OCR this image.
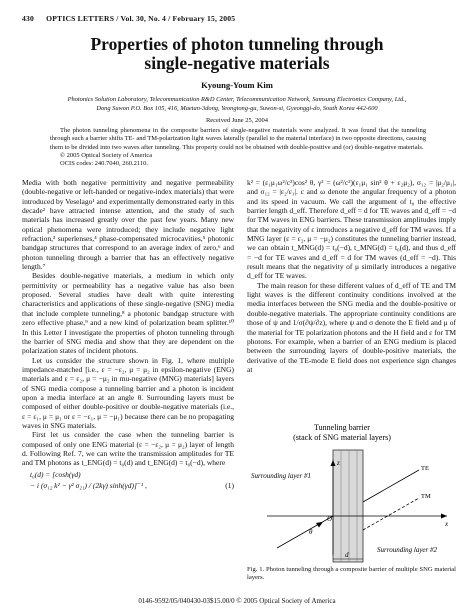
430 OPTICS LETTERS / Vol. 30, No. 4 / February 15, 2005
Properties of photon tunneling through
single-negative materials
Kyoung-Youm Kim
Photonics Solution Laboratory, Telecommunication R&D Center, Telecommunication Network, Samsung Electronics Company, Ltd.,
Dong Suwon P.O. Box 105, 416, Maetan-3dong, Yeongtong-gu, Suwon-si, Gyeonggi-do, South Korea 442-600
Received June 25, 2004

The photon tunneling phenomena in the composite barriers of single-negative materials were analyzed. It was found that the tunneling through such a barrier shifts TE- and TM-polarization light waves laterally (parallel to the material interface) in two opposite directions, causing them to be divided into two waves after tunneling. This property could not be obtained with double-positive and (or) double-negative materials.

© 2005 Optical Society of America

OCIS codes: 240.7040, 260.2110.

Media with both negative permittivity and negative permeability (double-negative or left-handed or negative-index materials) that were introduced by Veselago¹ and experimentally demonstrated early in this decade² have attracted intense attention, and the study of such materials has increased greatly over the past few years. Many new optical phenomena were introduced; they include negative light refraction,³ superlenses,⁴ phase-compensated microcavities,⁵ photonic bandgap structures that correspond to an average index of zero,⁶ and photon tunneling through a barrier that has an effectively negative length.⁷

Besides double-negative materials, a medium in which only permittivity or permeability has a negative value has also been proposed. Several studies have dealt with quite interesting characteristics and applications of these single-negative (SNG) media that include complete tunneling,⁸ a photonic bandgap structure with zero effective phase,⁹ and a new kind of polarization beam splitter.¹⁰ In this Letter I investigate the properties of photon tunneling through the barrier of SNG media and show that they are dependent on the polarization states of incident photons.

Let us consider the structure shown in Fig. 1, where multiple impedance-matched [i.e., ε = −ε₂, μ = μ₂ in epsilon-negative (ENG) materials and ε = ε₂, μ = −μ₂ in mu-negative (MNG) materials] layers of SNG media compose a tunneling barrier and a photon is incident upon a media interface at an angle θ. Surrounding layers must be composed of either double-positive or double-negative materials (i.e., ε = ε₁, μ = μ₁ or ε = −ε₁, μ = −μ₁) because there can be no propagating waves in SNG materials.

First let us consider the case when the tunneling barrier is composed of only one ENG material (ε = −ε₂, μ = μ₂) layer of length d. Following Ref. 7, we can write the transmission amplitudes for TE and TM photons as t_ENG(d) = t₀(d) and t_ENG(d) = t₀(−d), where

t₀(d) = [cosh(γd)
− i (σ₁₂ k² − γ² σ₂₁) / (2kγ) sinh(γd)]⁻¹ ,	(1)

k² = (ε₁μ₁ω²/c²)cos² θ, γ² = (ω²/c²)(ε₁μ₁ sin² θ + ε₂μ₂), σ₁₂ = |μ₂/μ₁|, and σ₁₂ = |ε₂/ε₁|. c and ω denote the angular frequency of a photon and its speed in vacuum. We call the argument of t₀ the effective barrier length d_eff. Therefore d_eff = d for TE waves and d_eff = −d for TM waves in ENG barriers. These transmission amplitudes imply that the negativity of ε introduces a negative d_eff for TM waves. If a MNG layer (ε = ε₂, μ = −μ₂) constitutes the tunneling barrier instead, we can obtain t_MNG(d) = t₀(−d), t_MNG(d) = t₀(d), and thus d_eff = −d for TE waves and d_eff = d for TM waves (d_eff = −d). This result means that the negativity of μ similarly introduces a negative d_eff for TE waves.

The main reason for these different values of d_eff of TE and TM light waves is the different continuity conditions involved at the media interfaces between the SNG media and the double-positive or double-negative materials. The appropriate continuity conditions are those of ψ and 1/σ(∂ψ/∂z), where ψ and σ denote the E field and μ of the material for TE polarization photons and the H field and ε for TM photons. For example, when a barrier of an ENG medium is placed between the surrounding layers of double-positive materials, the derivative of the TE-mode E field does not experience sign changes at

Tunneling barrier
(stack of SNG material layers)
Surrounding layer #1
Surrounding layer #2
O
x
z
θ
TE
TM
d
Fig. 1. Photon tunneling through a composite barrier of multiple SNG material layers.
0146-9592/05/040430-03$15.00/0 © 2005 Optical Society of America
